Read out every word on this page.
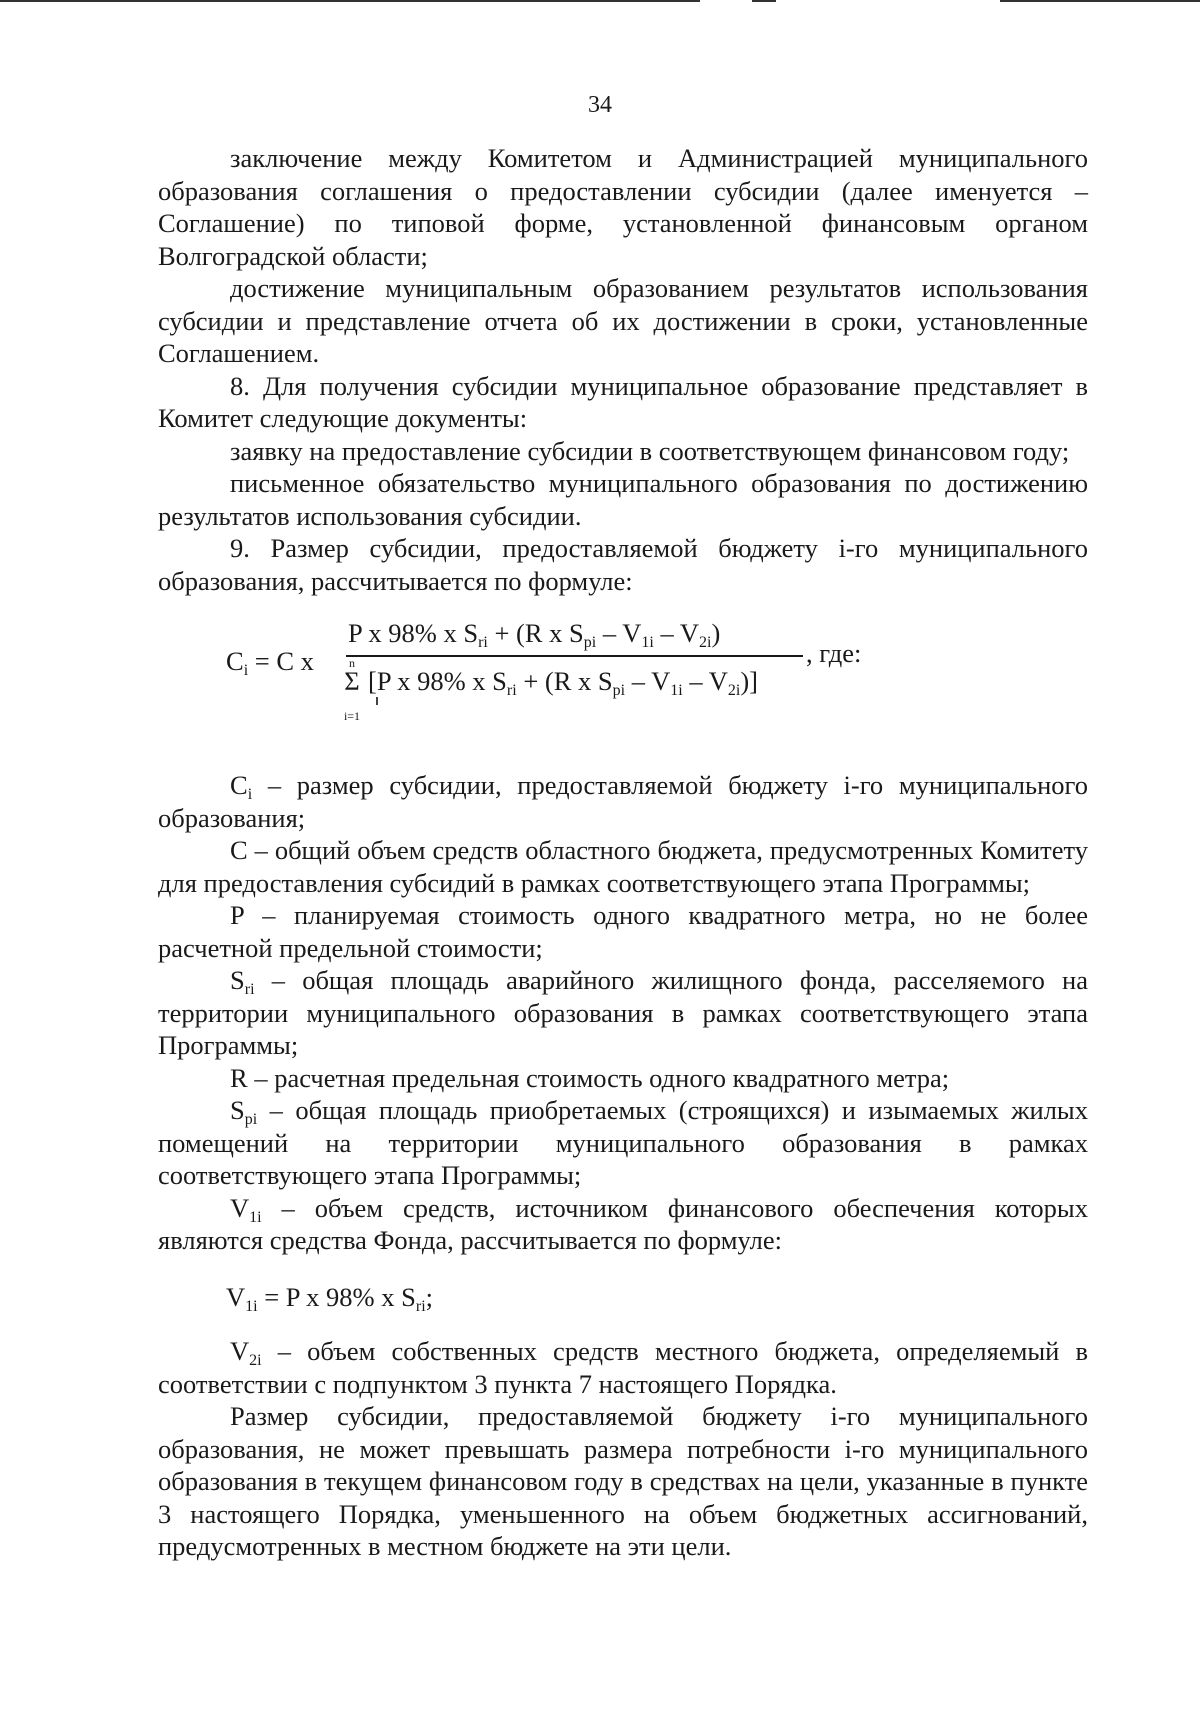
34

заключение между Комитетом и Администрацией муниципального образования соглашения о предоставлении субсидии (далее именуется – Соглашение) по типовой форме, установленной финансовым органом Волгоградской области;

достижение муниципальным образованием результатов использования субсидии и представление отчета об их достижении в сроки, установленные Соглашением.

8. Для получения субсидии муниципальное образование представляет в Комитет следующие документы:

заявку на предоставление субсидии в соответствующем финансовом году;

письменное обязательство муниципального образования по достижению результатов использования субсидии.

9. Размер субсидии, предоставляемой бюджету i-го муниципального образования, рассчитывается по формуле:

$C_i = C$ x
P x 98% x $S_{ri} + (R$ x $S_{pi} - V_{1i} - V_{2i}$)
, где:
n
Σ
i=1
[P x 98% x $S_{ri} + (R$ x $S_{pi} - V_{1i} - V_{2i}$)]

$C_i$ – размер субсидии, предоставляемой бюджету i-го муниципального образования;

C – общий объем средств областного бюджета, предусмотренных Комитету для предоставления субсидий в рамках соответствующего этапа Программы;

P – планируемая стоимость одного квадратного метра, но не более расчетной предельной стоимости;

$S_{ri}$ – общая площадь аварийного жилищного фонда, расселяемого на территории муниципального образования в рамках соответствующего этапа Программы;

R – расчетная предельная стоимость одного квадратного метра;

$S_{pi}$ – общая площадь приобретаемых (строящихся) и изымаемых жилых помещений на территории муниципального образования в рамках соответствующего этапа Программы;

$V_{1i}$ – объем средств, источником финансового обеспечения которых являются средства Фонда, рассчитывается по формуле:

$V_{1i} = P$ x 98% x $S_{ri}$;

$V_{2i}$ – объем собственных средств местного бюджета, определяемый в соответствии с подпунктом 3 пункта 7 настоящего Порядка.

Размер субсидии, предоставляемой бюджету i-го муниципального образования, не может превышать размера потребности i-го муниципального образования в текущем финансовом году в средствах на цели, указанные в пункте 3 настоящего Порядка, уменьшенного на объем бюджетных ассигнований, предусмотренных в местном бюджете на эти цели.
